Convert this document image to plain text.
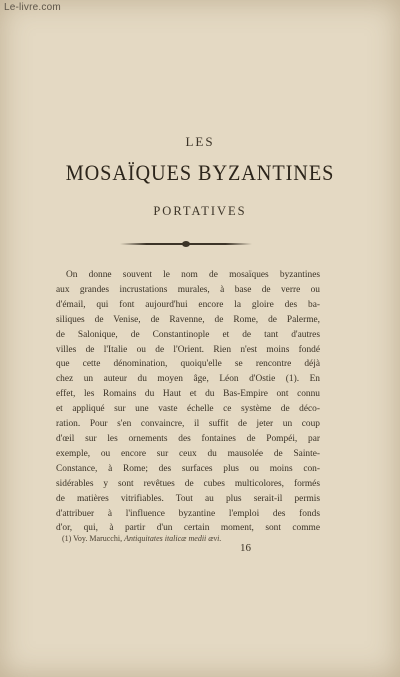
Le-livre.com
LES
MOSAÏQUES BYZANTINES
PORTATIVES
On donne souvent le nom de mosaïques byzantines
aux grandes incrustations murales, à base de verre ou
d'émail, qui font aujourd'hui encore la gloire des ba-
siliques de Venise, de Ravenne, de Rome, de Palerme,
de Salonique, de Constantinople et de tant d'autres
villes de l'Italie ou de l'Orient. Rien n'est moins fondé
que cette dénomination, quoiqu'elle se rencontre déjà
chez un auteur du moyen âge, Léon d'Ostie (1). En
effet, les Romains du Haut et du Bas-Empire ont connu
et appliqué sur une vaste échelle ce système de déco-
ration. Pour s'en convaincre, il suffit de jeter un coup
d'œil sur les ornements des fontaines de Pompéi, par
exemple, ou encore sur ceux du mausolée de Sainte-
Constance, à Rome; des surfaces plus ou moins con-
sidérables y sont revêtues de cubes multicolores, formés
de matières vitrifiables. Tout au plus serait-il permis
d'attribuer à l'influence byzantine l'emploi des fonds
d'or, qui, à partir d'un certain moment, sont comme
(1) Voy. Marucchi, Antiquitates italicæ medii ævi.
16
